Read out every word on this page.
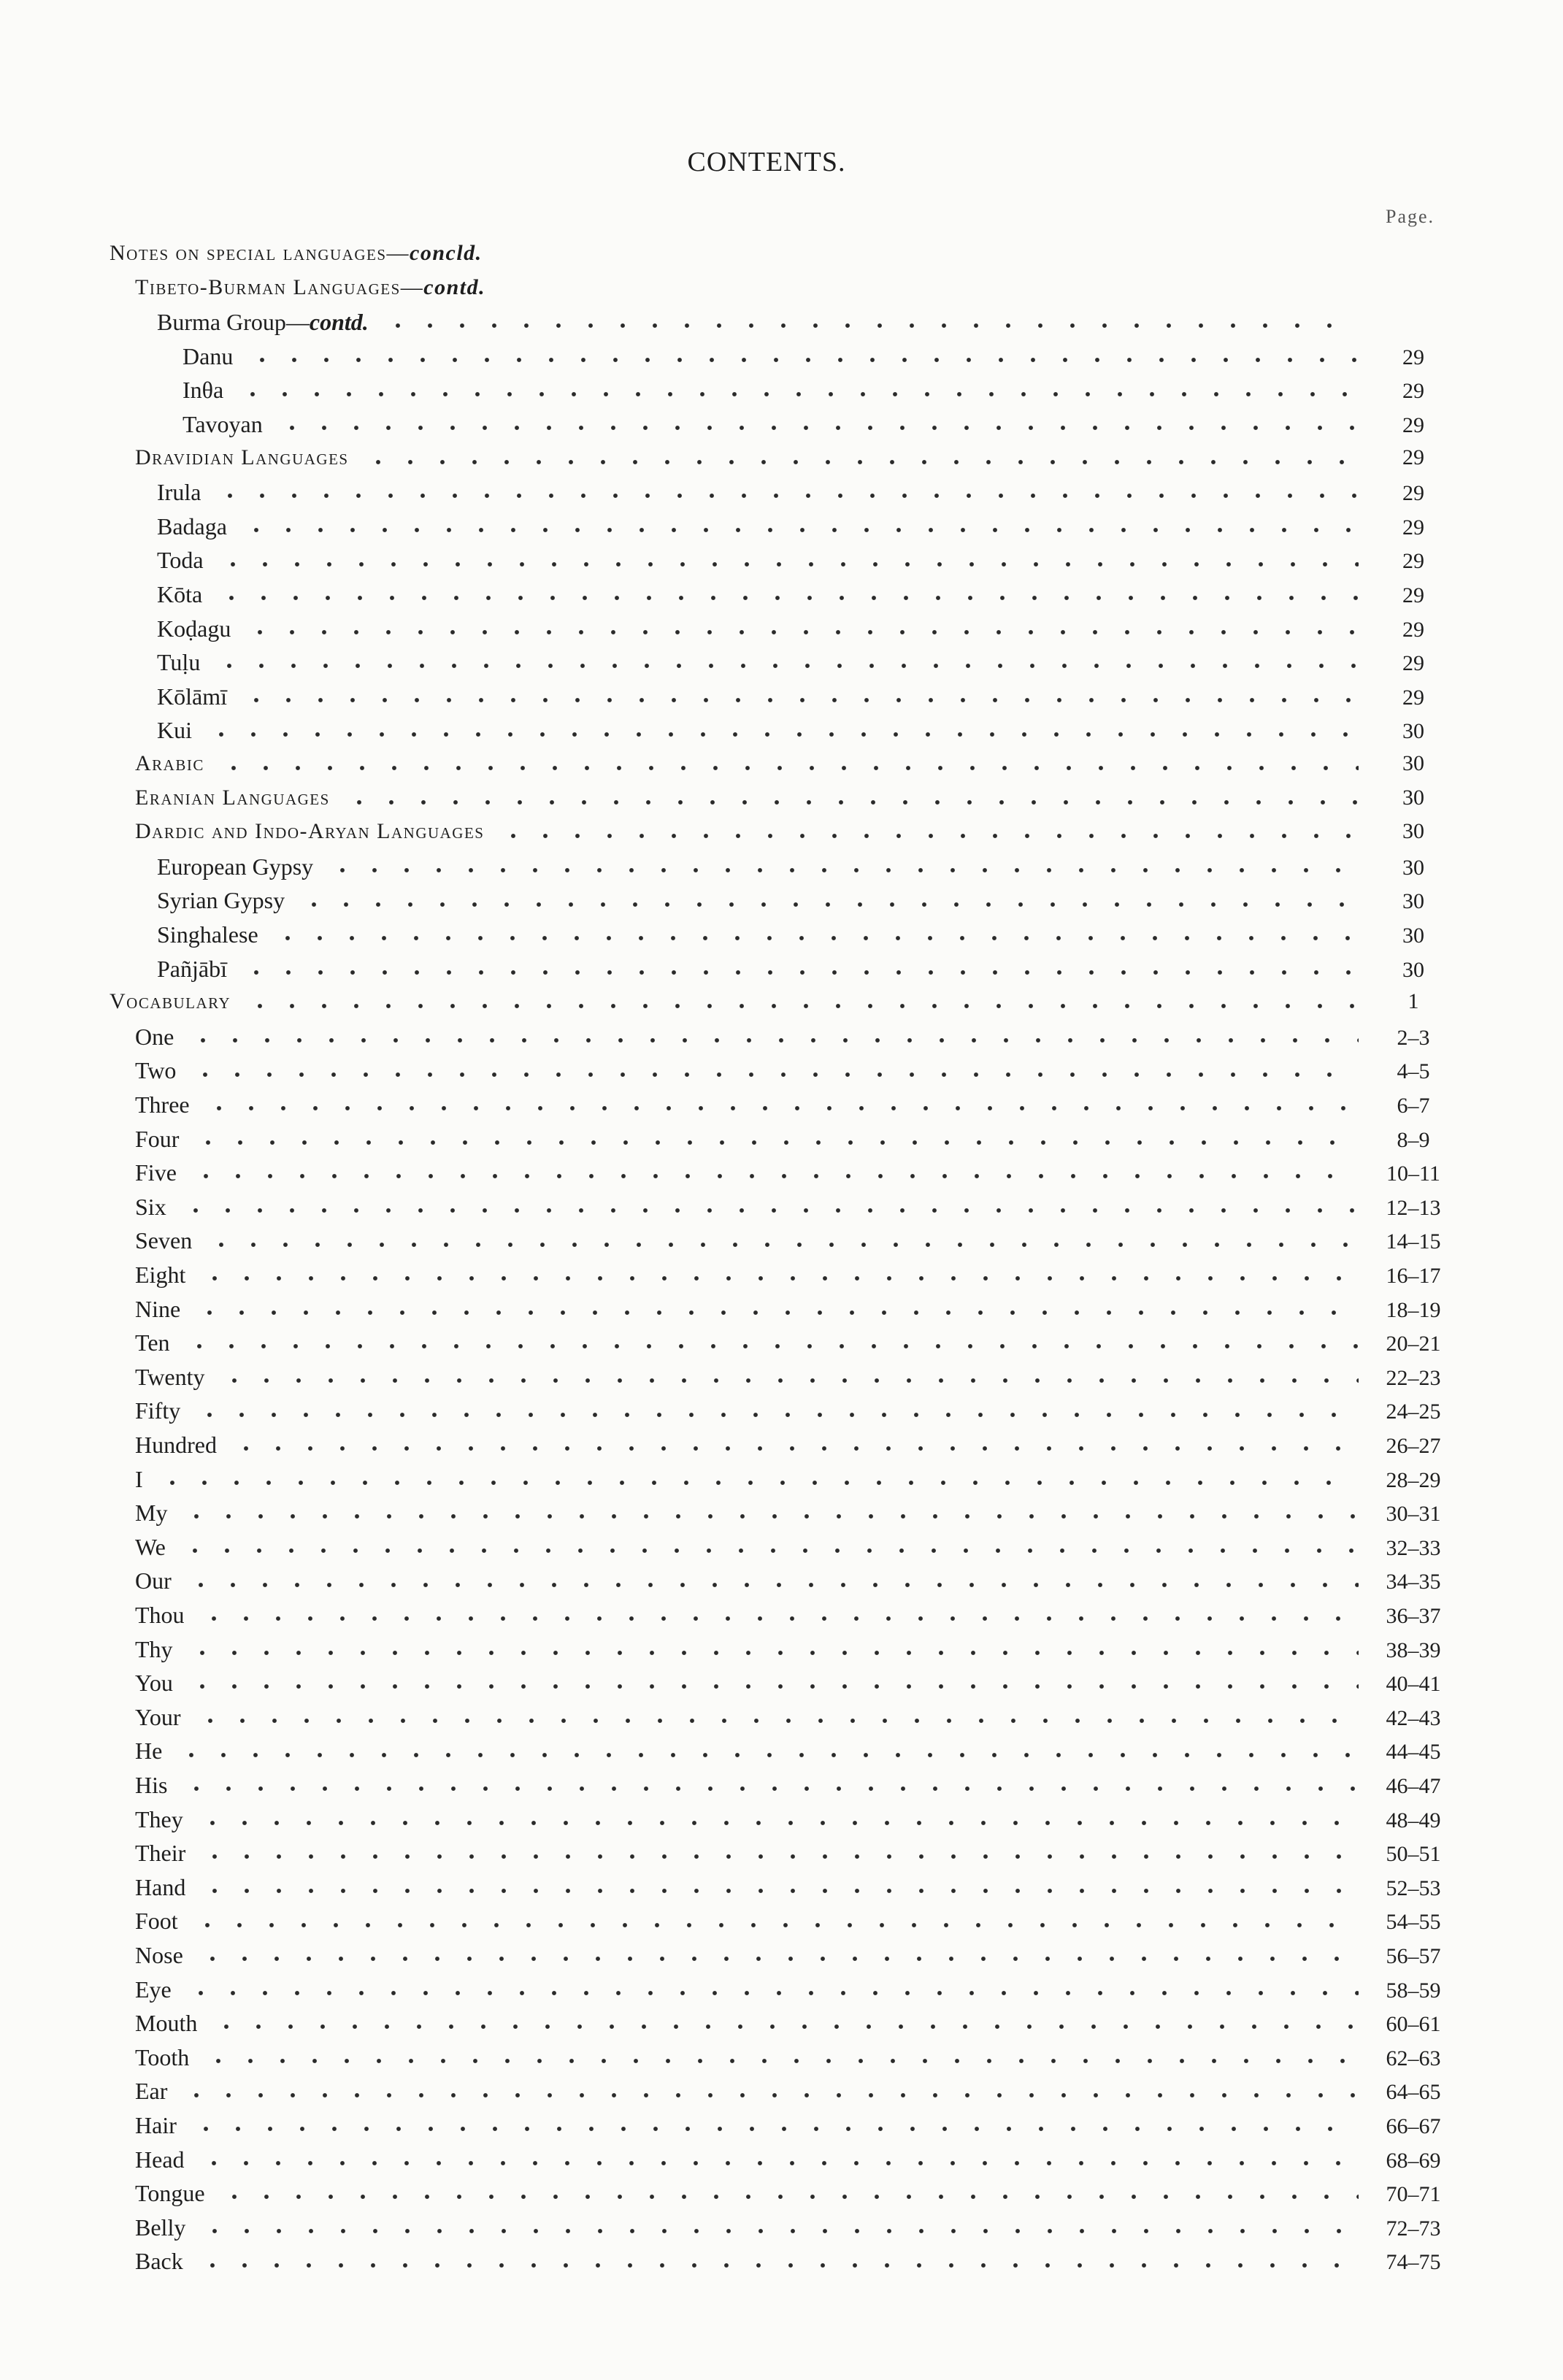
CONTENTS.
Page.
Notes on special languages — concld.
Tibeto-Burman Languages — contd.
Burma Group — contd.
Danu	29
Inθa	29
Tavoyan	29
Dravidian Languages	29
Irula	29
Badaga	29
Toda	29
Kōta	29
Koḍagu	29
Tuḷu	29
Kōlāmī	29
Kui	30
Arabic	30
Eranian Languages	30
Dardic and Indo-Aryan Languages	30
European Gypsy	30
Syrian Gypsy	30
Singhalese	30
Pañjābī	30
Vocabulary	1
One	2–3
Two	4–5
Three	6–7
Four	8–9
Five	10–11
Six	12–13
Seven	14–15
Eight	16–17
Nine	18–19
Ten	20–21
Twenty	22–23
Fifty	24–25
Hundred	26–27
I	28–29
My	30–31
We	32–33
Our	34–35
Thou	36–37
Thy	38–39
You	40–41
Your	42–43
He	44–45
His	46–47
They	48–49
Their	50–51
Hand	52–53
Foot	54–55
Nose	56–57
Eye	58–59
Mouth	60–61
Tooth	62–63
Ear	64–65
Hair	66–67
Head	68–69
Tongue	70–71
Belly	72–73
Back	74–75
